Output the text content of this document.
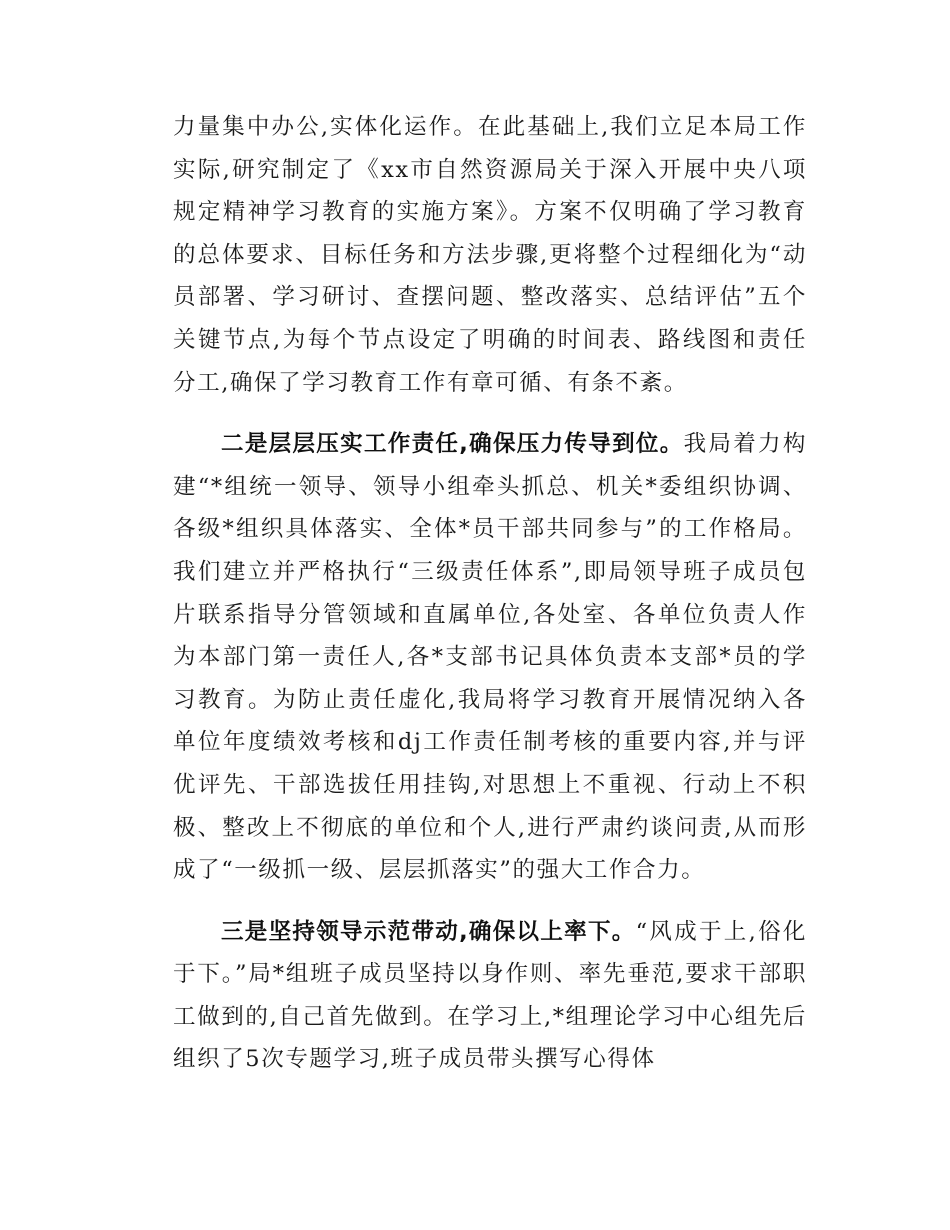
力量集中办公,实体化运作。在此基础上,我们立足本局工作实际,研究制定了《xx市自然资源局关于深入开展中央八项规定精神学习教育的实施方案》。方案不仅明确了学习教育的总体要求、目标任务和方法步骤,更将整个过程细化为“动员部署、学习研讨、查摆问题、整改落实、总结评估”五个关键节点,为每个节点设定了明确的时间表、路线图和责任分工,确保了学习教育工作有章可循、有条不紊。

二是层层压实工作责任,确保压力传导到位。我局着力构建“*组统一领导、领导小组牵头抓总、机关*委组织协调、各级*组织具体落实、全体*员干部共同参与”的工作格局。我们建立并严格执行“三级责任体系”,即局领导班子成员包片联系指导分管领域和直属单位,各处室、各单位负责人作为本部门第一责任人,各*支部书记具体负责本支部*员的学习教育。为防止责任虚化,我局将学习教育开展情况纳入各单位年度绩效考核和dj工作责任制考核的重要内容,并与评优评先、干部选拔任用挂钩,对思想上不重视、行动上不积极、整改上不彻底的单位和个人,进行严肃约谈问责,从而形成了“一级抓一级、层层抓落实”的强大工作合力。

三是坚持领导示范带动,确保以上率下。“风成于上,俗化于下。”局*组班子成员坚持以身作则、率先垂范,要求干部职工做到的,自己首先做到。在学习上,*组理论学习中心组先后组织了5次专题学习,班子成员带头撰写心得体
